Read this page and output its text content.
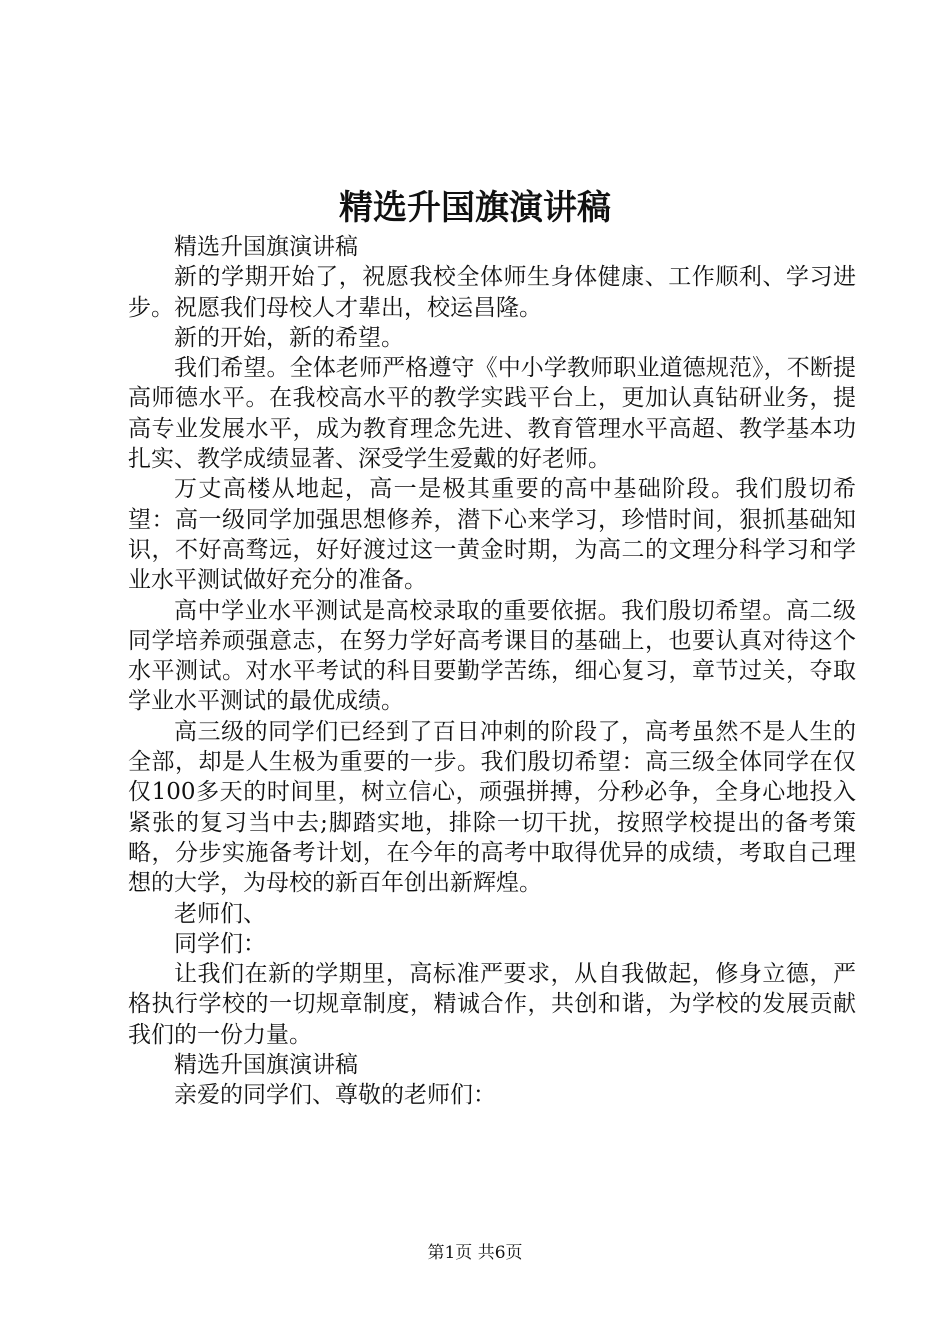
精选升国旗演讲稿

精选升国旗演讲稿

新的学期开始了，祝愿我校全体师生身体健康、工作顺利、学习进步。祝愿我们母校人才辈出，校运昌隆。

新的开始，新的希望。

我们希望。全体老师严格遵守《中小学教师职业道德规范》，不断提高师德水平。在我校高水平的教学实践平台上，更加认真钻研业务，提高专业发展水平，成为教育理念先进、教育管理水平高超、教学基本功扎实、教学成绩显著、深受学生爱戴的好老师。

万丈高楼从地起，高一是极其重要的高中基础阶段。我们殷切希望：高一级同学加强思想修养，潜下心来学习，珍惜时间，狠抓基础知识，不好高骛远，好好渡过这一黄金时期，为高二的文理分科学习和学业水平测试做好充分的准备。

高中学业水平测试是高校录取的重要依据。我们殷切希望。高二级同学培养顽强意志，在努力学好高考课目的基础上，也要认真对待这个水平测试。对水平考试的科目要勤学苦练，细心复习，章节过关，夺取学业水平测试的最优成绩。

高三级的同学们已经到了百日冲刺的阶段了，高考虽然不是人生的全部，却是人生极为重要的一步。我们殷切希望：高三级全体同学在仅仅100多天的时间里，树立信心，顽强拼搏，分秒必争，全身心地投入紧张的复习当中去;脚踏实地，排除一切干扰，按照学校提出的备考策略，分步实施备考计划，在今年的高考中取得优异的成绩，考取自己理想的大学，为母校的新百年创出新辉煌。

老师们、

同学们：

让我们在新的学期里，高标准严要求，从自我做起，修身立德，严格执行学校的一切规章制度，精诚合作，共创和谐，为学校的发展贡献我们的一份力量。

精选升国旗演讲稿

亲爱的同学们、尊敬的老师们：

第1页 共6页
